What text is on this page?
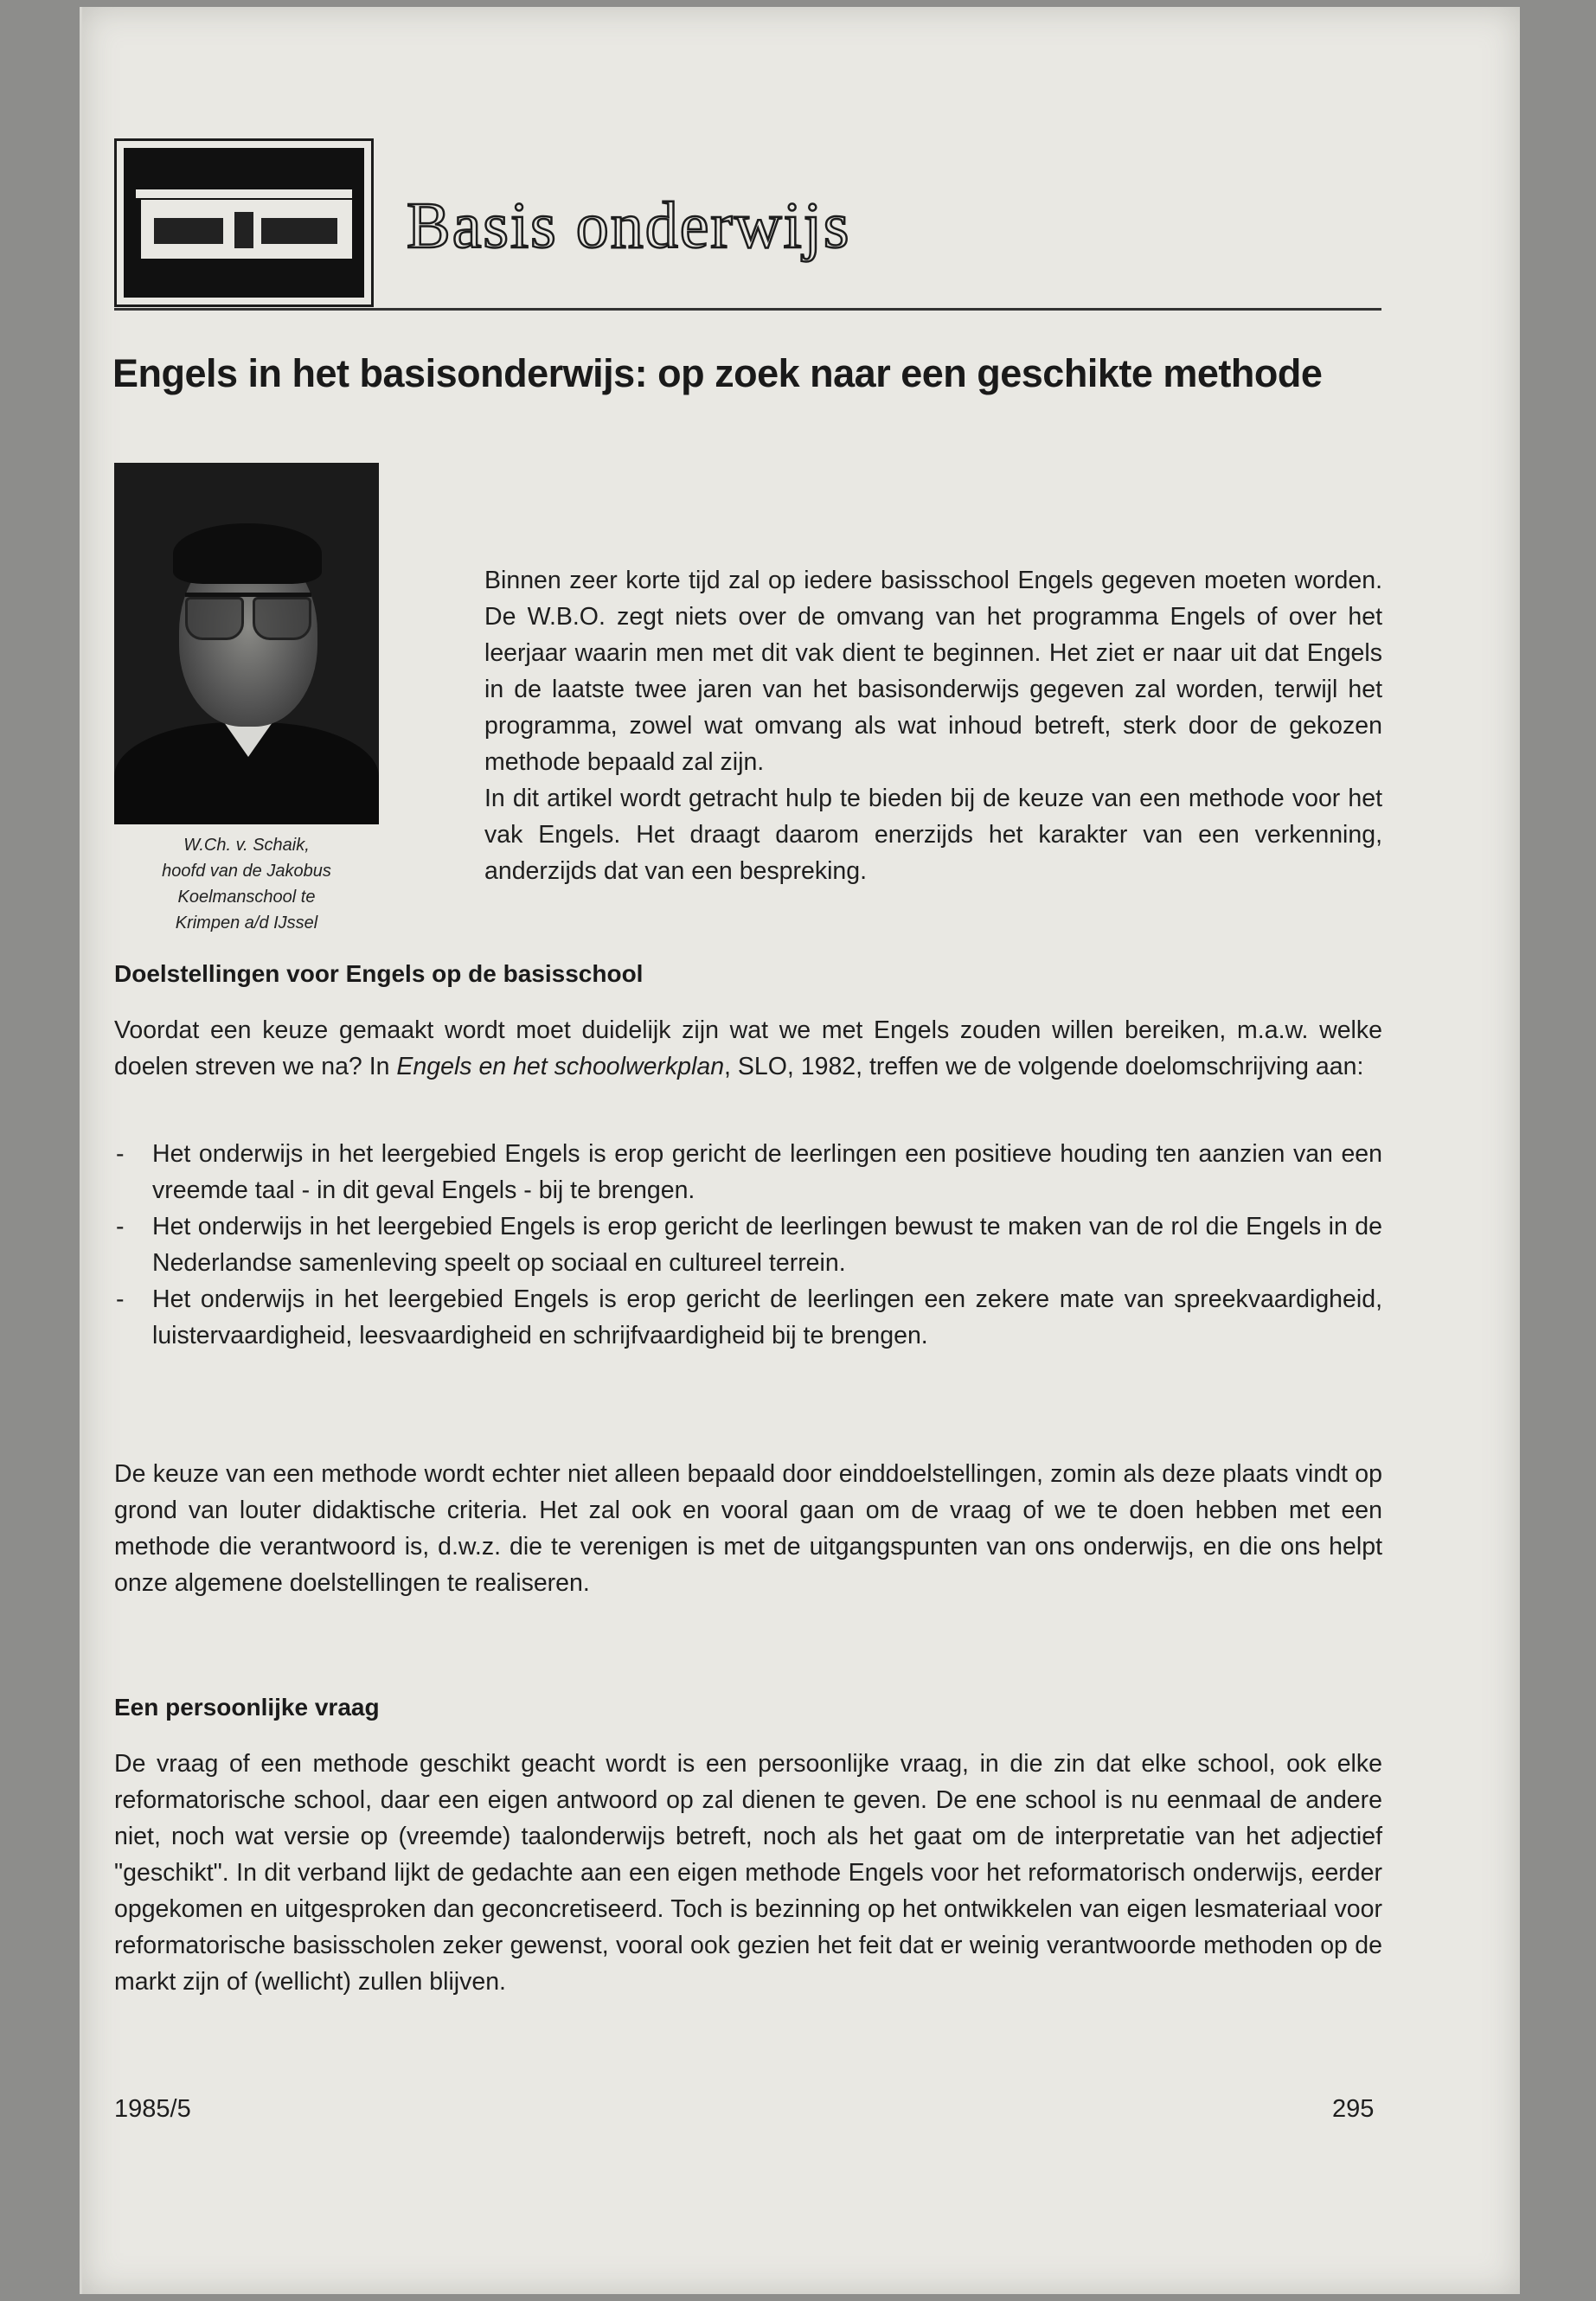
Basis onderwijs
Engels in het basisonderwijs: op zoek naar een geschikte methode
W.Ch. v. Schaik,
hoofd van de Jakobus
Koelmanschool te
Krimpen a/d IJssel

Binnen zeer korte tijd zal op iedere basisschool Engels gegeven moeten worden. De W.B.O. zegt niets over de omvang van het programma Engels of over het leerjaar waarin men met dit vak dient te beginnen. Het ziet er naar uit dat Engels in de laatste twee jaren van het basisonderwijs gegeven zal worden, terwijl het programma, zowel wat omvang als wat inhoud betreft, sterk door de gekozen methode bepaald zal zijn.

In dit artikel wordt getracht hulp te bieden bij de keuze van een methode voor het vak Engels. Het draagt daarom enerzijds het karakter van een verkenning, anderzijds dat van een bespreking.

Doelstellingen voor Engels op de basisschool

Voordat een keuze gemaakt wordt moet duidelijk zijn wat we met Engels zouden willen bereiken, m.a.w. welke doelen streven we na? In Engels en het schoolwerkplan, SLO, 1982, treffen we de volgende doelomschrijving aan:

- Het onderwijs in het leergebied Engels is erop gericht de leerlingen een positieve houding ten aanzien van een vreemde taal - in dit geval Engels - bij te brengen.
- Het onderwijs in het leergebied Engels is erop gericht de leerlingen bewust te maken van de rol die Engels in de Nederlandse samenleving speelt op sociaal en cultureel terrein.
- Het onderwijs in het leergebied Engels is erop gericht de leerlingen een zekere mate van spreekvaardigheid, luistervaardigheid, leesvaardigheid en schrijfvaardigheid bij te brengen.

De keuze van een methode wordt echter niet alleen bepaald door einddoelstellingen, zomin als deze plaats vindt op grond van louter didaktische criteria. Het zal ook en vooral gaan om de vraag of we te doen hebben met een methode die verantwoord is, d.w.z. die te verenigen is met de uitgangspunten van ons onderwijs, en die ons helpt onze algemene doelstellingen te realiseren.

Een persoonlijke vraag

De vraag of een methode geschikt geacht wordt is een persoonlijke vraag, in die zin dat elke school, ook elke reformatorische school, daar een eigen antwoord op zal dienen te geven. De ene school is nu eenmaal de andere niet, noch wat versie op (vreemde) taalonderwijs betreft, noch als het gaat om de interpretatie van het adjectief "geschikt". In dit verband lijkt de gedachte aan een eigen methode Engels voor het reformatorisch onderwijs, eerder opgekomen en uitgesproken dan geconcretiseerd. Toch is bezinning op het ontwikkelen van eigen lesmateriaal voor reformatorische basisscholen zeker gewenst, vooral ook gezien het feit dat er weinig verantwoorde methoden op de markt zijn of (wellicht) zullen blijven.

1985/5	295
